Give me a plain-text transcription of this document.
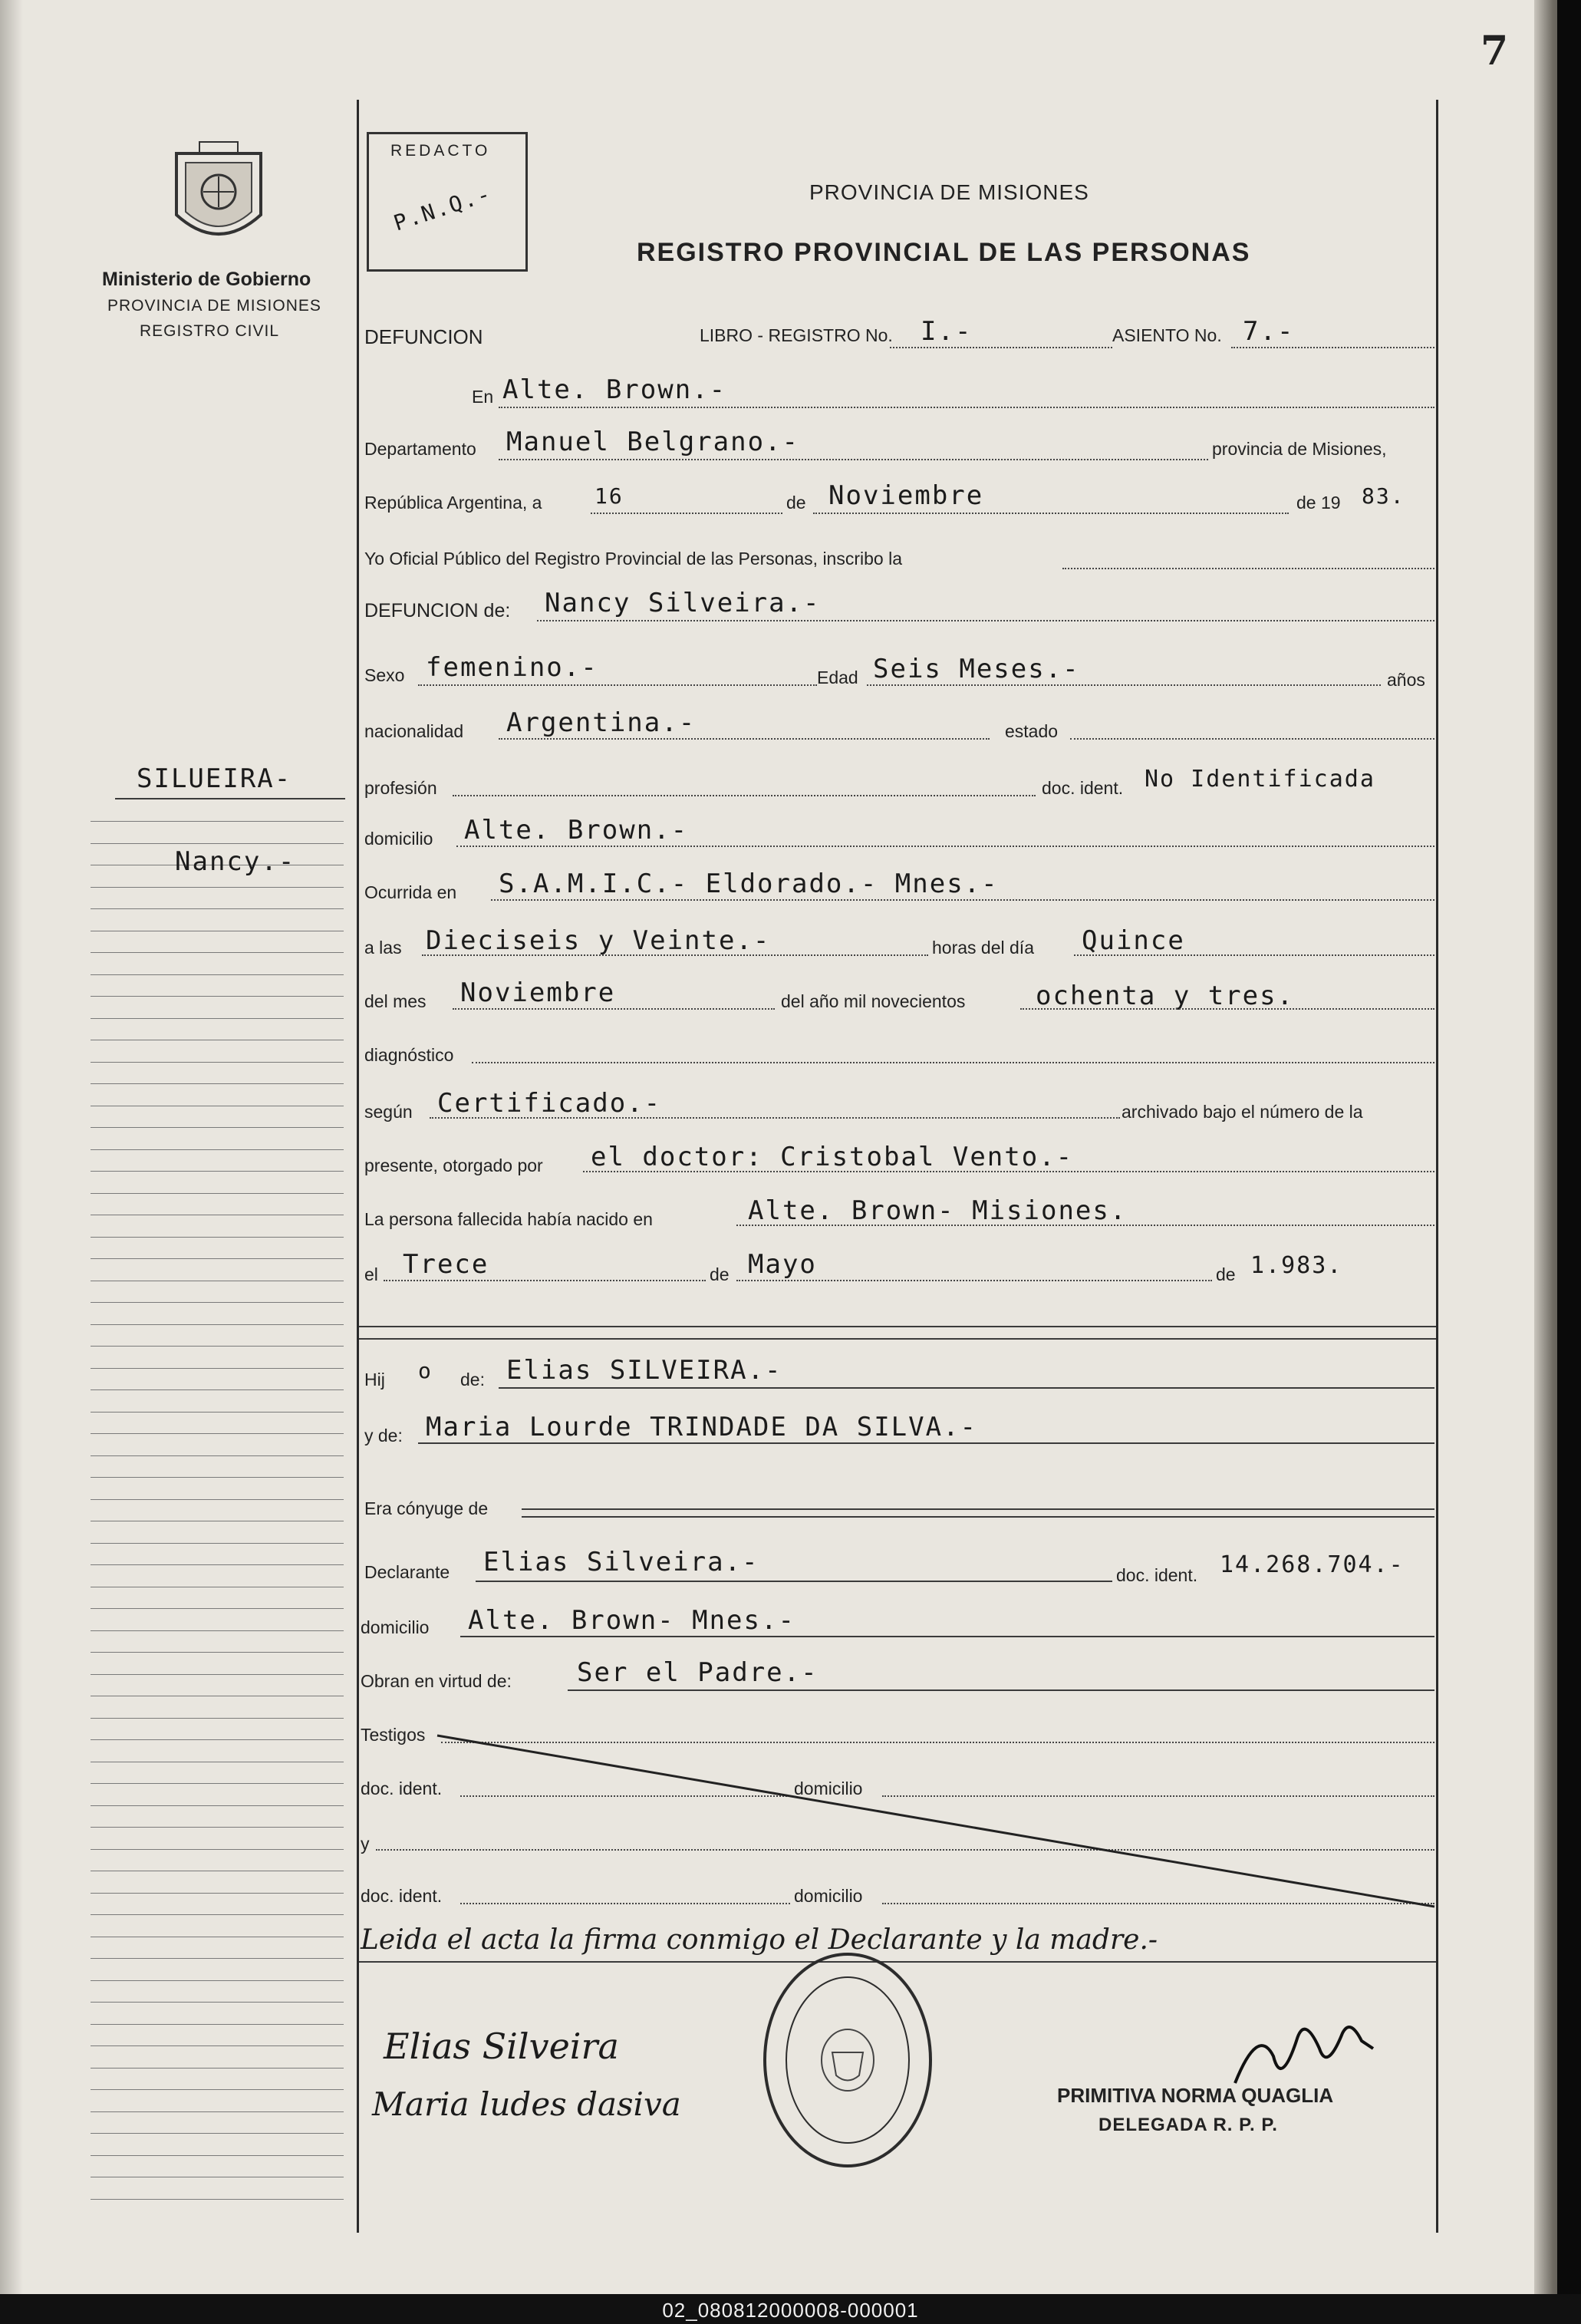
7
Ministerio de Gobierno
PROVINCIA DE MISIONES
REGISTRO CIVIL
REDACTO
P.N.Q.-	PROVINCIA DE MISIONES
REGISTRO PROVINCIAL DE LAS PERSONAS
SILUEIRA-
Nancy.-
DEFUNCION	LIBRO - REGISTRO No. I.-	ASIENTO No. 7.-
En Alte. Brown.-
Departamento Manuel Belgrano.-	provincia de Misiones,
República Argentina, a 16	de Noviembre	de 19 83.
Yo Oficial Público del Registro Provincial de las Personas, inscribo la
DEFUNCION de: Nancy Silveira.-
Sexo femenino.-	Edad Seis Meses.-	años
nacionalidad Argentina.-	estado
profesión	doc. ident. No Identificada
domicilio Alte. Brown.-
Ocurrida en S.A.M.I.C.- Eldorado.- Mnes.-
a las Dieciseis y Veinte.-	horas del día Quince
del mes Noviembre	del año mil novecientos	ochenta y tres.
diagnóstico
según Certificado.-	archivado bajo el número de la
presente, otorgado por el doctor: Cristobal Vento.-
La persona fallecida había nacido en	Alte. Brown- Misiones.
el Trece	de Mayo	de 1.983.
Hij o de: Elias SILVEIRA.-
y de: Maria Lourde TRINDADE DA SILVA.-
Era cónyuge de
Declarante Elias Silveira.-	doc. ident. 14.268.704.-
domicilio Alte. Brown- Mnes.-
Obran en virtud de:	Ser el Padre.-
Testigos
doc. ident.	domicilio
y
doc. ident.	domicilio
Leida el acta la firma conmigo el Declarante y la madre.-
Elias Silveira
Maria ludes dasiva	PRIMITIVA NORMA QUAGLIA
DELEGADA R. P. P.
02_080812000008-000001
